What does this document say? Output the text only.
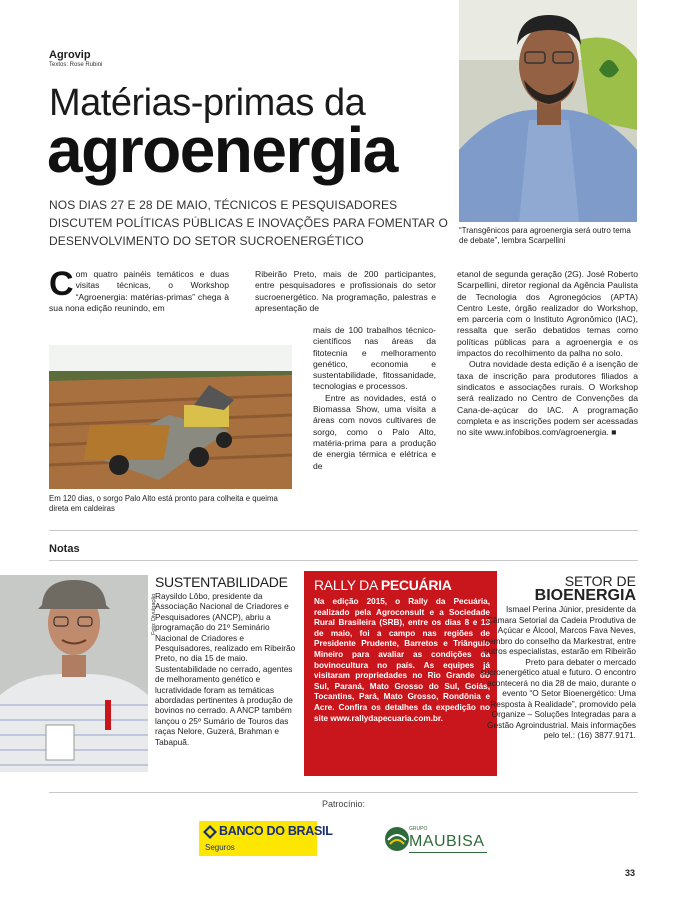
Agrovip
Textos: Rose Rubini
Matérias-primas da
agroenergia
NOS DIAS 27 E 28 DE MAIO, TÉCNICOS E PESQUISADORES DISCUTEM POLÍTICAS PÚBLICAS E INOVAÇÕES PARA FOMENTAR O DESENVOLVIMENTO DO SETOR SUCROENERGÉTICO
“Transgênicos para agroenergia será outro tema de debate”, lembra Scarpellini
Com quatro painéis temáticos e duas visitas técnicas, o Workshop “Agroenergia: matérias-primas” chega à sua nona edição reunindo, em
Ribeirão Preto, mais de 200 participantes, entre pesquisadores e profissionais do setor sucroenergético. Na programação, palestras e apresentação de

mais de 100 trabalhos técnico-científicos nas áreas da fitotecnia e melhoramento genético, economia e sustentabilidade, fitossanidade, tecnologias e processos.

Entre as novidades, está o Biomassa Show, uma visita a áreas com novos cultivares de sorgo, como o Palo Alto, matéria-prima para a produção de energia térmica e elétrica e de

etanol de segunda geração (2G). José Roberto Scarpellini, diretor regional da Agência Paulista de Tecnologia dos Agronegócios (APTA) Centro Leste, órgão realizador do Workshop, em parceria com o Instituto Agronômico (IAC), ressalta que serão debatidos temas como políticas públicas para a agroenergia e os impactos do recolhimento da palha no solo.

Outra novidade desta edição é a isenção de taxa de inscrição para produtores filiados a sindicatos e associações rurais. O Workshop será realizado no Centro de Convenções da Cana-de-açúcar do IAC. A programação completa e as inscrições podem ser acessadas no site www.infobibos.com/agroenergia. ■

Em 120 dias, o sorgo Palo Alto está pronto para colheita e queima direta em caldeiras
Notas
Foto: Divulgação
SUSTENTABILIDADE
Raysildo Lôbo, presidente da Associação Nacional de Criadores e Pesquisadores (ANCP), abriu a programação do 21º Seminário Nacional de Criadores e Pesquisadores, realizado em Ribeirão Preto, no dia 15 de maio. Sustentabilidade no cerrado, agentes de melhoramento genético e lucratividade foram as temáticas abordadas pertinentes à produção de bovinos no cerrado. A ANCP também lançou o 25º Sumário de Touros das raças Nelore, Guzerá, Brahman e Tabapuã.
RALLY DA PECUÁRIA
Na edição 2015, o Rally da Pecuária, realizado pela Agroconsult e a Sociedade Rural Brasileira (SRB), entre os dias 8 e 13 de maio, foi a campo nas regiões de Presidente Prudente, Barretos e Triângulo Mineiro para avaliar as condições da bovinocultura no país. As equipes já visitaram propriedades no Rio Grande do Sul, Paraná, Mato Grosso do Sul, Goiás, Tocantins, Pará, Mato Grosso, Rondônia e Acre. Confira os detalhes da expedição no site www.rallydapecuaria.com.br.
SETOR DE
BIOENERGIA
Ismael Perina Júnior, presidente da Câmara Setorial da Cadeia Produtiva de Açúcar e Álcool, Marcos Fava Neves, membro do conselho da Markestrat, entre outros especialistas, estarão em Ribeirão Preto para debater o mercado sucroenergético atual e futuro. O encontro acontecerá no dia 28 de maio, durante o evento “O Setor Bioenergético: Uma Resposta à Realidade”, promovido pela Organize – Soluções Integradas para a Gestão Agroindustrial. Mais informações pelo tel.: (16) 3877.9171.
Patrocínio:
BANCO DO BRASIL
Seguros
GRUPO
MAUBISA
33
